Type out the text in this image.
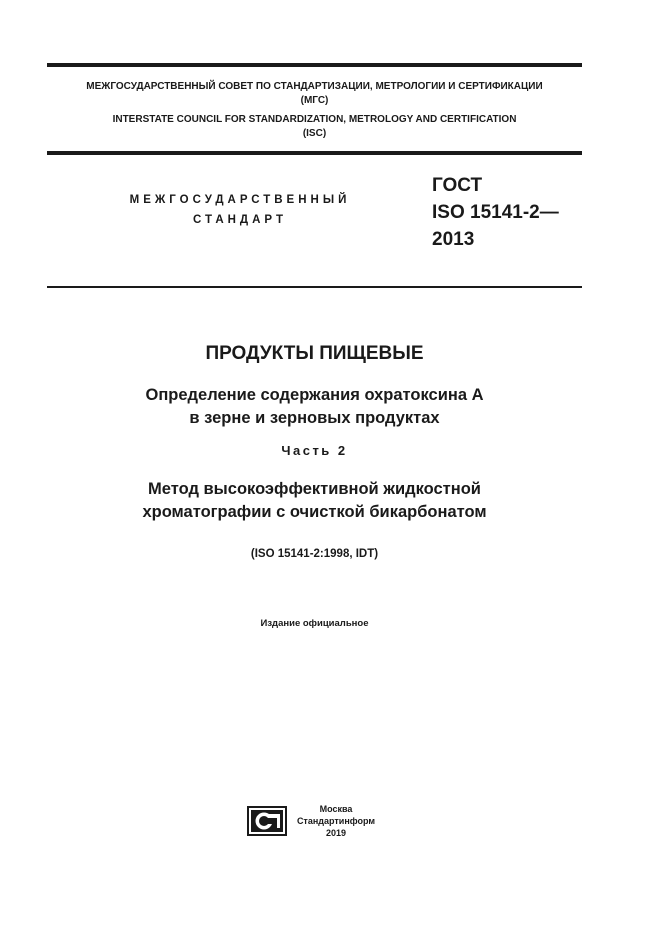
МЕЖГОСУДАРСТВЕННЫЙ СОВЕТ ПО СТАНДАРТИЗАЦИИ, МЕТРОЛОГИИ И СЕРТИФИКАЦИИ
(МГС)
INTERSTATE COUNCIL FOR STANDARDIZATION, METROLOGY AND CERTIFICATION
(ISC)
МЕЖГОСУДАРСТВЕННЫЙ
СТАНДАРТ
ГОСТ
ISO 15141-2—
2013
ПРОДУКТЫ ПИЩЕВЫЕ
Определение содержания охратоксина А
в зерне и зерновых продуктах
Часть 2
Метод высокоэффективной жидкостной
хроматографии с очисткой бикарбонатом
(ISO 15141-2:1998, IDT)
Издание официальное
Москва
Стандартинформ
2019
